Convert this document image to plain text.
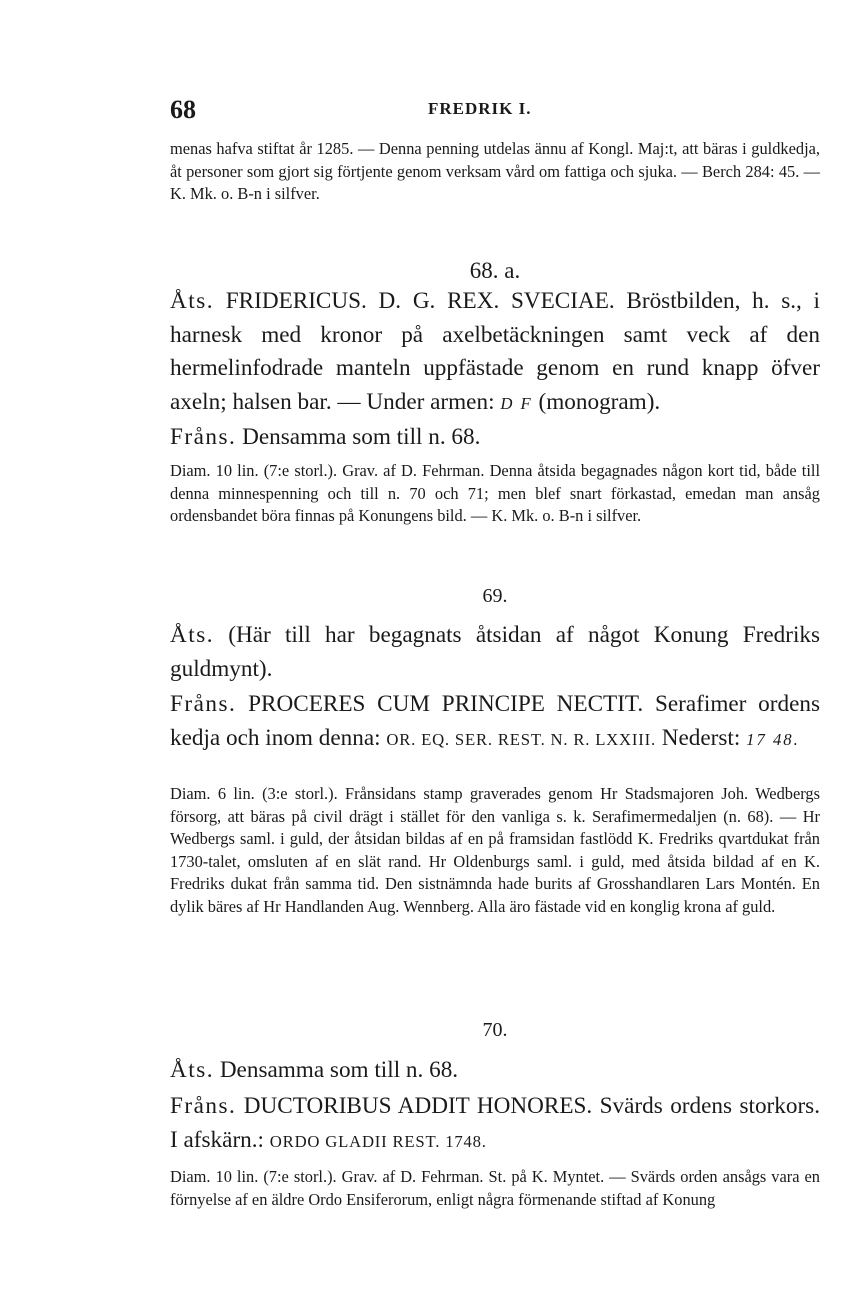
68	FREDRIK I.

menas hafva stiftat år 1285. — Denna penning utdelas ännu af Kongl. Maj:t, att bäras i guldkedja, åt personer som gjort sig förtjente genom verksam vård om fattiga och sjuka. — Berch 284: 45. — K. Mk. o. B-n i silfver.

68. a.

Åts. FRIDERICUS. D. G. REX. SVECIAE. Bröstbilden, h. s., i harnesk med kronor på axelbetäckningen samt veck af den hermelinfodrade manteln uppfästade genom en rund knapp öfver axeln; halsen bar. — Under armen: D F (monogram).

Fråns. Densamma som till n. 68.

Diam. 10 lin. (7:e storl.). Grav. af D. Fehrman. Denna åtsida begagnades någon kort tid, både till denna minnespenning och till n. 70 och 71; men blef snart förkastad, emedan man ansåg ordensbandet böra finnas på Konungens bild. — K. Mk. o. B-n i silfver.

69.

Åts. (Här till har begagnats åtsidan af något Konung Fredriks guldmynt).

Fråns. PROCERES CUM PRINCIPE NECTIT. Serafimer ordens kedja och inom denna: OR. EQ. SER. REST. N. R. LXXIII. Nederst: 17 48.

Diam. 6 lin. (3:e storl.). Frånsidans stamp graverades genom Hr Stadsmajoren Joh. Wedbergs försorg, att bäras på civil drägt i stället för den vanliga s. k. Serafimermedaljen (n. 68). — Hr Wedbergs saml. i guld, der åtsidan bildas af en på framsidan fastlödd K. Fredriks qvartdukat från 1730-talet, omsluten af en slät rand. Hr Oldenburgs saml. i guld, med åtsida bildad af en K. Fredriks dukat från samma tid. Den sistnämnda hade burits af Grosshandlaren Lars Montén. En dylik bäres af Hr Handlanden Aug. Wennberg. Alla äro fästade vid en konglig krona af guld.

70.

Åts. Densamma som till n. 68.

Fråns. DUCTORIBUS ADDIT HONORES. Svärds ordens storkors. I afskärn.: ORDO GLADII REST. 1748.

Diam. 10 lin. (7:e storl.). Grav. af D. Fehrman. St. på K. Myntet. — Svärds orden ansågs vara en förnyelse af en äldre Ordo Ensiferorum, enligt några förmenande stiftad af Konung
